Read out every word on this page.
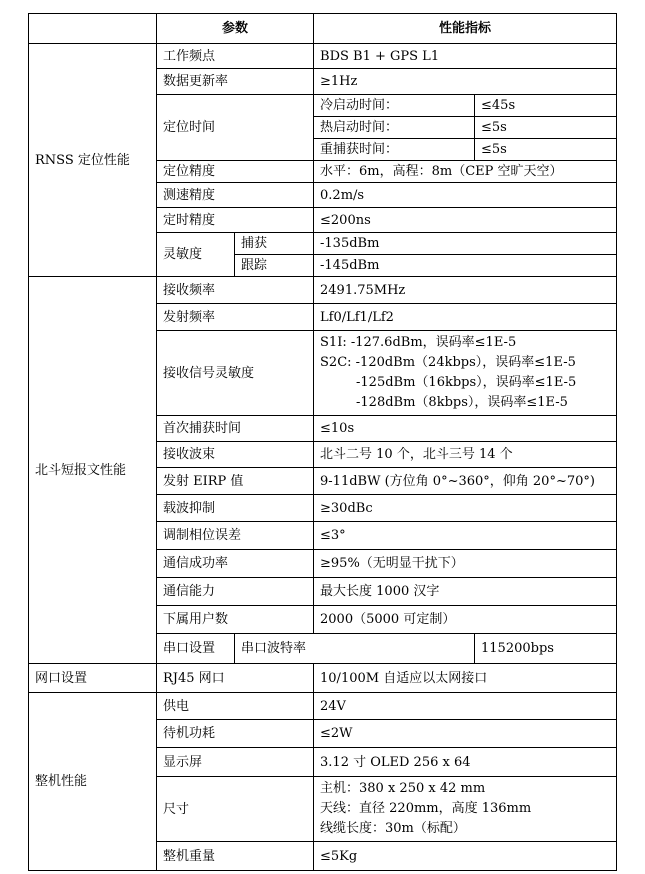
	参数		性能指标	
RNSS 定位性能	工作频点		BDS B1 + GPS L1	
	数据更新率		≥1Hz	
	定位时间		冷启动时间：	≤45s
			热启动时间：	≤5s
			重捕获时间：	≤5s
	定位精度		水平：6m，高程：8m（CEP 空旷天空）	
	测速精度		0.2m/s	
	定时精度		≤200ns	
	灵敏度	捕获	-135dBm	
		跟踪	-145dBm	
北斗短报文性能	接收频率		2491.75MHz	
	发射频率		Lf0/Lf1/Lf2	
	接收信号灵敏度		S1I: -127.6dBm，误码率≤1E-5
S2C: -120dBm（24kbps），误码率≤1E-5
-125dBm（16kbps），误码率≤1E-5
-128dBm（8kbps），误码率≤1E-5	

	首次捕获时间		≤10s	
	接收波束		北斗二号 10 个，北斗三号 14 个	
	发射 EIRP 值		9-11dBW (方位角 0°~360°，仰角 20°~70°)	
	载波抑制		≥30dBc	
	调制相位误差		≤3°	
	通信成功率		≥95%（无明显干扰下）	
	通信能力		最大长度 1000 汉字	
	下属用户数		2000（5000 可定制）	
	串口设置	串口波特率		115200bps
网口设置	RJ45 网口		10/100M 自适应以太网接口	
整机性能	供电		24V	
	待机功耗		≤2W	
	显示屏		3.12 寸 OLED 256 x 64	
	尺寸		主机：380 x 250 x 42 mm
天线：直径 220mm，高度 136mm
线缆长度：30m（标配）	

	整机重量		≤5Kg	
